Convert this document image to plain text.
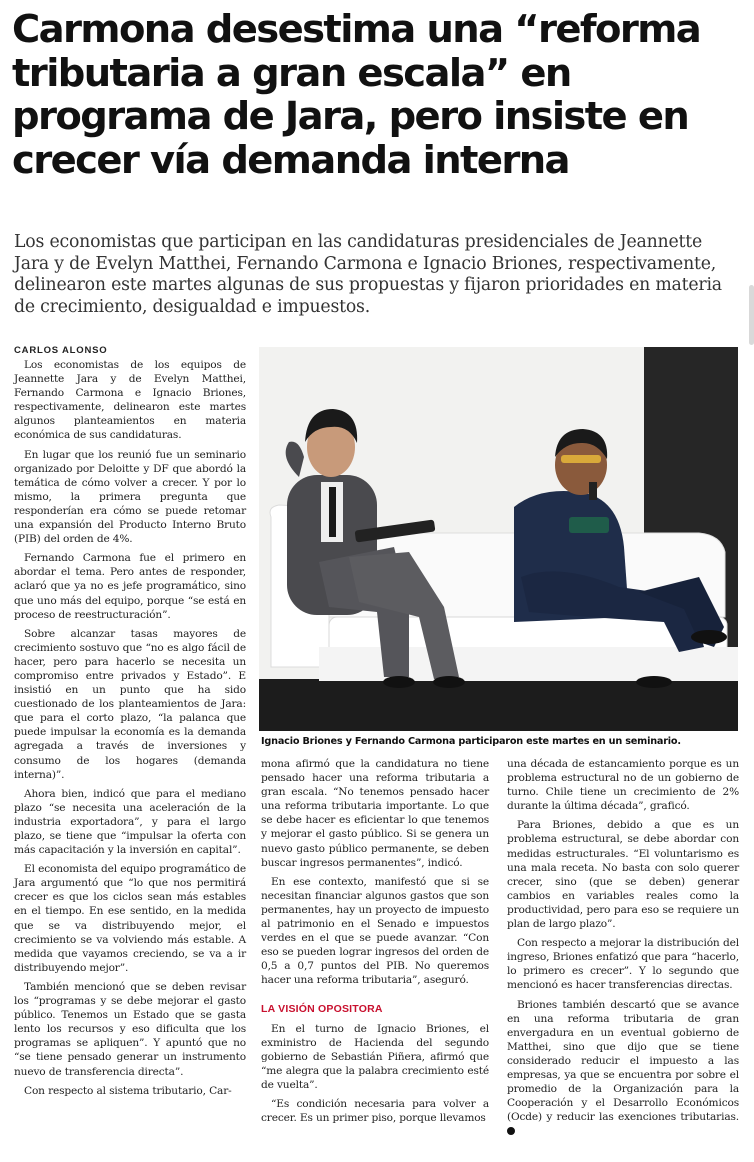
Carmona desestima una “reforma tributaria a gran escala” en programa de Jara, pero insiste en crecer vía demanda interna

Los economistas que participan en las candidaturas presidenciales de Jeannette Jara y de Evelyn Matthei, Fernando Carmona e Ignacio Briones, respectivamente, delinearon este martes algunas de sus propuestas y fijaron prioridades en materia de crecimiento, desigualdad e impuestos.

CARLOS ALONSO

Los economistas de los equipos de Jeannette Jara y de Evelyn Matthei, Fernando Carmona e Ignacio Briones, respectivamente, delinearon este martes algunos planteamientos en materia económica de sus candidaturas.

En lugar que los reunió fue un seminario organizado por Deloitte y DF que abordó la temática de cómo volver a crecer. Y por lo mismo, la primera pregunta que responderían era cómo se puede retomar una expansión del Producto Interno Bruto (PIB) del orden de 4%.

Fernando Carmona fue el primero en abordar el tema. Pero antes de responder, aclaró que ya no es jefe programático, sino que uno más del equipo, porque “se está en proceso de reestructuración”.

Sobre alcanzar tasas mayores de crecimiento sostuvo que “no es algo fácil de hacer, pero para hacerlo se necesita un compromiso entre privados y Estado”. E insistió en un punto que ha sido cuestionado de los planteamientos de Jara: que para el corto plazo, “la palanca que puede impulsar la economía es la demanda agregada a través de inversiones y consumo de los hogares (demanda interna)”.

Ahora bien, indicó que para el mediano plazo “se necesita una aceleración de la industria exportadora”, y para el largo plazo, se tiene que “impulsar la oferta con más capacitación y la inversión en capital”.

El economista del equipo programático de Jara argumentó que “lo que nos permitirá crecer es que los ciclos sean más estables en el tiempo. En ese sentido, en la medida que se va distribuyendo mejor, el crecimiento se va volviendo más estable. A medida que vayamos creciendo, se va a ir distribuyendo mejor”.

También mencionó que se deben revisar los “programas y se debe mejorar el gasto público. Tenemos un Estado que se gasta lento los recursos y eso dificulta que los programas se apliquen”. Y apuntó que no “se tiene pensado generar un instrumento nuevo de transferencia directa”.

Con respecto al sistema tributario, Car-

Ignacio Briones y Fernando Carmona participaron este martes en un seminario.

mona afirmó que la candidatura no tiene pensado hacer una reforma tributaria a gran escala. “No tenemos pensado hacer una reforma tributaria importante. Lo que se debe hacer es eficientar lo que tenemos y mejorar el gasto público. Si se genera un nuevo gasto público permanente, se deben buscar ingresos permanentes”, indicó.

En ese contexto, manifestó que si se necesitan financiar algunos gastos que son permanentes, hay un proyecto de impuesto al patrimonio en el Senado e impuestos verdes en el que se puede avanzar. “Con eso se pueden lograr ingresos del orden de 0,5 a 0,7 puntos del PIB. No queremos hacer una reforma tributaria”, aseguró.

LA VISIÓN OPOSITORA

En el turno de Ignacio Briones, el exministro de Hacienda del segundo gobierno de Sebastián Piñera, afirmó que “me alegra que la palabra crecimiento esté de vuelta”.

“Es condición necesaria para volver a crecer. Es un primer piso, porque llevamos

una década de estancamiento porque es un problema estructural no de un gobierno de turno. Chile tiene un crecimiento de 2% durante la última década”, graficó.

Para Briones, debido a que es un problema estructural, se debe abordar con medidas estructurales. “El voluntarismo es una mala receta. No basta con solo querer crecer, sino (que se deben) generar cambios en variables reales como la productividad, pero para eso se requiere un plan de largo plazo”.

Con respecto a mejorar la distribución del ingreso, Briones enfatizó que para “hacerlo, lo primero es crecer”. Y lo segundo que mencionó es hacer transferencias directas.

Briones también descartó que se avance en una reforma tributaria de gran envergadura en un eventual gobierno de Matthei, sino que dijo que se tiene considerado reducir el impuesto a las empresas, ya que se encuentra por sobre el promedio de la Organización para la Cooperación y el Desarrollo Económicos (Ocde) y reducir las exenciones tributarias.P
